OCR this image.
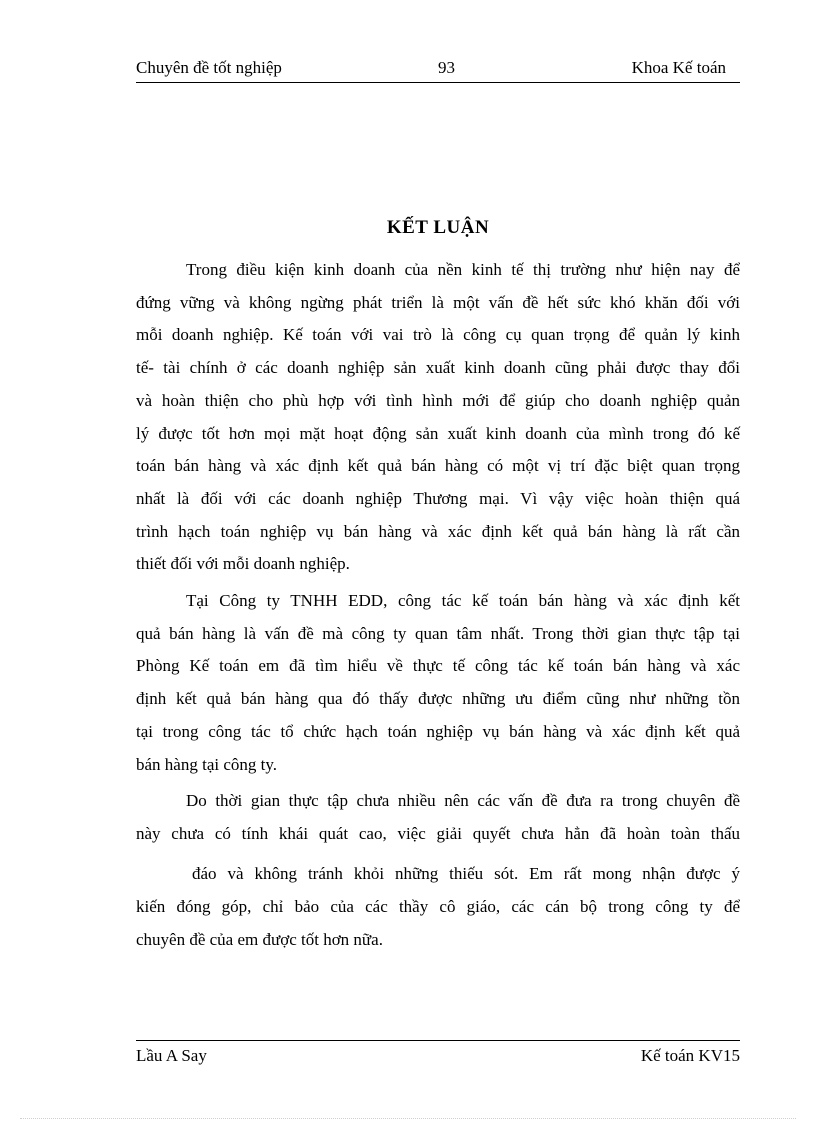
Chuyên đề tốt nghiệp	93	Khoa Kế toán
KẾT LUẬN

Trong điều kiện kinh doanh của nền kinh tế thị trường như hiện nay để
đứng vững và không ngừng phát triển là một vấn đề hết sức khó khăn đối với
mỗi doanh nghiệp. Kế toán với vai trò là công cụ quan trọng để quản lý kinh
tế- tài chính ở các doanh nghiệp sản xuất kinh doanh cũng phải được thay đổi
và hoàn thiện cho phù hợp với tình hình mới để giúp cho doanh nghiệp quản
lý được tốt hơn mọi mặt hoạt động sản xuất kinh doanh của mình trong đó kế
toán bán hàng và xác định kết quả bán hàng có một vị trí đặc biệt quan trọng
nhất là đối với các doanh nghiệp Thương mại. Vì vậy việc hoàn thiện quá
trình hạch toán nghiệp vụ bán hàng và xác định kết quả bán hàng là rất cần
thiết đối với mỗi doanh nghiệp.

Tại Công ty TNHH EDD, công tác kế toán bán hàng và xác định kết
quả bán hàng là vấn đề mà công ty quan tâm nhất. Trong thời gian thực tập tại
Phòng Kế toán em đã tìm hiểu về thực tế công tác kế toán bán hàng và xác
định kết quả bán hàng qua đó thấy được những ưu điểm cũng như những tồn
tại trong công tác tổ chức hạch toán nghiệp vụ bán hàng và xác định kết quả
bán hàng tại công ty.

Do thời gian thực tập chưa nhiều nên các vấn đề đưa ra trong chuyên đề
này chưa có tính khái quát cao, việc giải quyết chưa hẳn đã hoàn toàn thấu
đáo và không tránh khỏi những thiếu sót. Em rất mong nhận được ý
kiến đóng góp, chỉ bảo của các thầy cô giáo, các cán bộ trong công ty để
chuyên đề của em được tốt hơn nữa.

Lầu A Say	Kế toán KV15
